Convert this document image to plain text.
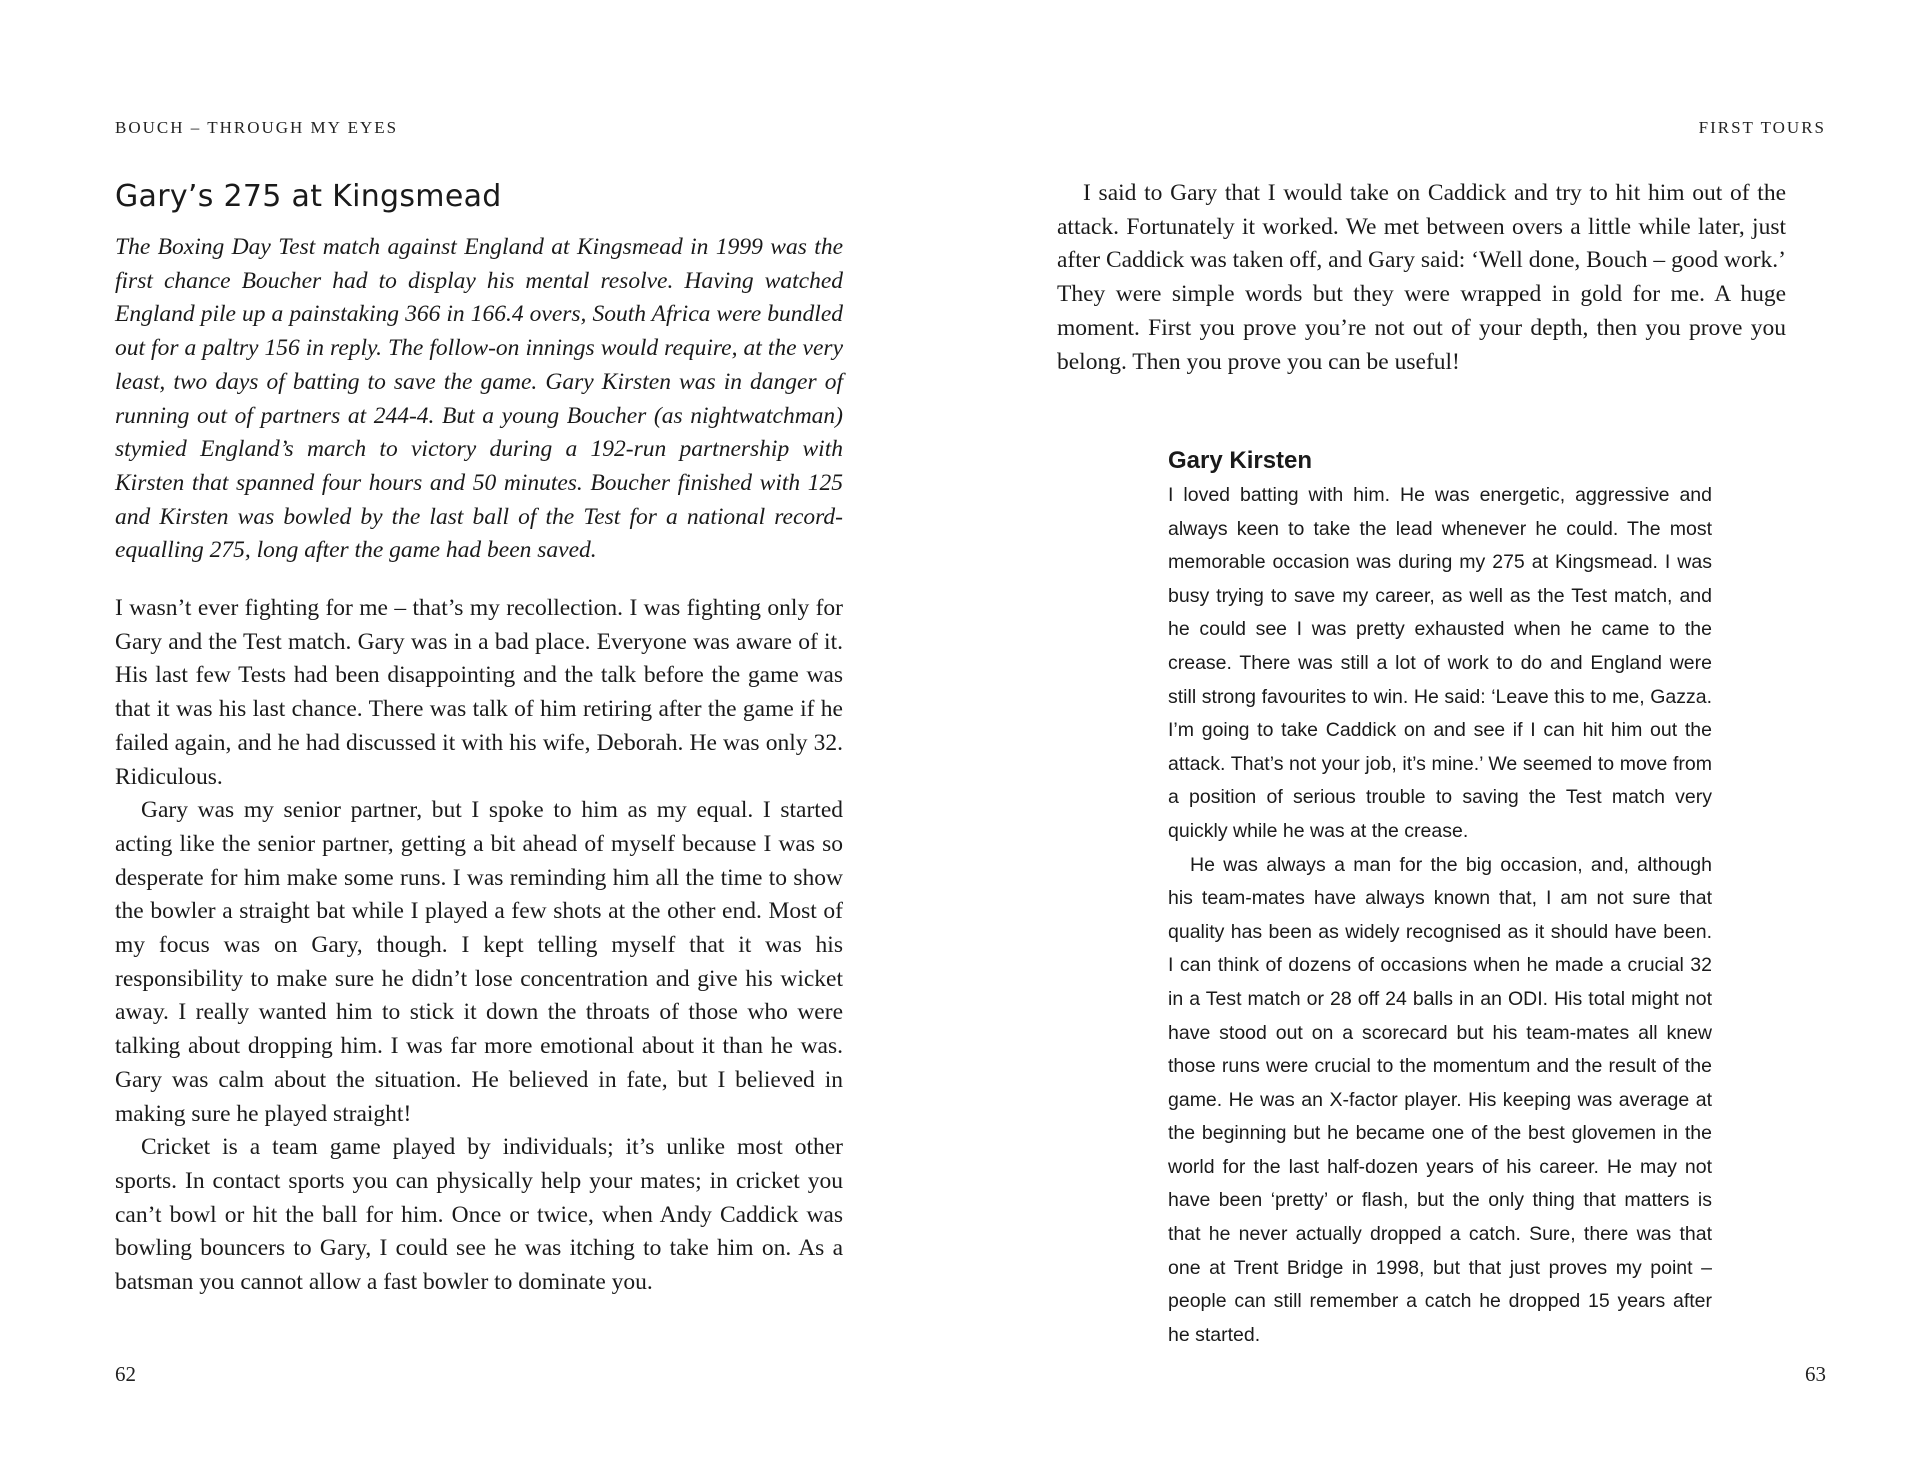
BOUCH – THROUGH MY EYES
Gary’s 275 at Kingsmead

The Boxing Day Test match against England at Kingsmead in 1999 was the first chance Boucher had to display his mental resolve. Having watched England pile up a painstaking 366 in 166.4 overs, South Africa were bundled out for a paltry 156 in reply. The follow-on innings would require, at the very least, two days of batting to save the game. Gary Kirsten was in danger of running out of partners at 244-4. But a young Boucher (as nightwatchman) stymied England’s march to victory during a 192-run partnership with Kirsten that spanned four hours and 50 minutes. Boucher finished with 125 and Kirsten was bowled by the last ball of the Test for a national record-equalling 275, long after the game had been saved.

I wasn’t ever fighting for me – that’s my recollection. I was fighting only for Gary and the Test match. Gary was in a bad place. Everyone was aware of it. His last few Tests had been disappointing and the talk before the game was that it was his last chance. There was talk of him retiring after the game if he failed again, and he had discussed it with his wife, Deborah. He was only 32. Ridiculous.

Gary was my senior partner, but I spoke to him as my equal. I started acting like the senior partner, getting a bit ahead of myself because I was so desperate for him make some runs. I was reminding him all the time to show the bowler a straight bat while I played a few shots at the other end. Most of my focus was on Gary, though. I kept telling myself that it was his responsibility to make sure he didn’t lose concentration and give his wicket away. I really wanted him to stick it down the throats of those who were talking about dropping him. I was far more emotional about it than he was. Gary was calm about the situation. He believed in fate, but I believed in making sure he played straight!

Cricket is a team game played by individuals; it’s unlike most other sports. In contact sports you can physically help your mates; in cricket you can’t bowl or hit the ball for him. Once or twice, when Andy Caddick was bowling bouncers to Gary, I could see he was itching to take him on. As a batsman you cannot allow a fast bowler to dominate you.

62
FIRST TOURS

I said to Gary that I would take on Caddick and try to hit him out of the attack. Fortunately it worked. We met between overs a little while later, just after Caddick was taken off, and Gary said: ‘Well done, Bouch – good work.’ They were simple words but they were wrapped in gold for me. A huge moment. First you prove you’re not out of your depth, then you prove you belong. Then you prove you can be useful!

Gary Kirsten

I loved batting with him. He was energetic, aggressive and always keen to take the lead whenever he could. The most memorable occasion was during my 275 at Kingsmead. I was busy trying to save my career, as well as the Test match, and he could see I was pretty exhausted when he came to the crease. There was still a lot of work to do and England were still strong favourites to win. He said: ‘Leave this to me, Gazza. I’m going to take Caddick on and see if I can hit him out the attack. That’s not your job, it’s mine.’ We seemed to move from a position of serious trouble to saving the Test match very quickly while he was at the crease.

He was always a man for the big occasion, and, although his team-mates have always known that, I am not sure that quality has been as widely recognised as it should have been. I can think of dozens of occasions when he made a crucial 32 in a Test match or 28 off 24 balls in an ODI. His total might not have stood out on a scorecard but his team-mates all knew those runs were crucial to the momentum and the result of the game. He was an X-factor player. His keeping was average at the beginning but he became one of the best glovemen in the world for the last half-dozen years of his career. He may not have been ‘pretty’ or flash, but the only thing that matters is that he never actually dropped a catch. Sure, there was that one at Trent Bridge in 1998, but that just proves my point – people can still remember a catch he dropped 15 years after he started.

63
